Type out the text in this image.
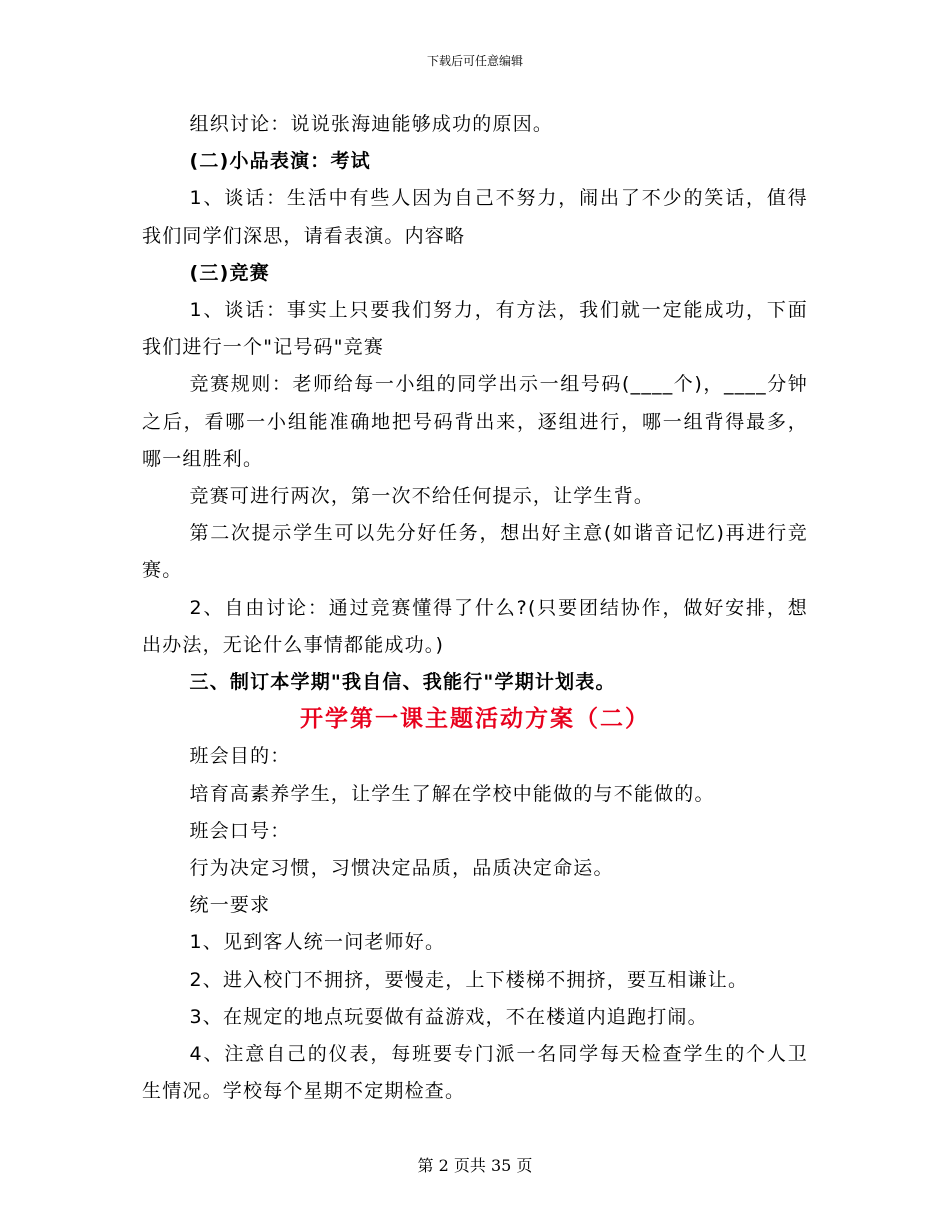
下载后可任意编辑

组织讨论：说说张海迪能够成功的原因。

(二)小品表演：考试

1、谈话：生活中有些人因为自己不努力，闹出了不少的笑话，值得我们同学们深思，请看表演。内容略

(三)竞赛

1、谈话：事实上只要我们努力，有方法，我们就一定能成功，下面我们进行一个"记号码"竞赛

竞赛规则：老师给每一小组的同学出示一组号码(____个)，____分钟之后，看哪一小组能准确地把号码背出来，逐组进行，哪一组背得最多，哪一组胜利。

竞赛可进行两次，第一次不给任何提示，让学生背。

第二次提示学生可以先分好任务，想出好主意(如谐音记忆)再进行竞赛。

2、自由讨论：通过竞赛懂得了什么?(只要团结协作，做好安排，想出办法，无论什么事情都能成功。)

三、制订本学期"我自信、我能行"学期计划表。

开学第一课主题活动方案（二）

班会目的：

培育高素养学生，让学生了解在学校中能做的与不能做的。

班会口号：

行为决定习惯，习惯决定品质，品质决定命运。

统一要求

1、见到客人统一问老师好。

2、进入校门不拥挤，要慢走，上下楼梯不拥挤，要互相谦让。

3、在规定的地点玩耍做有益游戏，不在楼道内追跑打闹。

4、注意自己的仪表，每班要专门派一名同学每天检查学生的个人卫生情况。学校每个星期不定期检查。

第 2 页共 35 页
